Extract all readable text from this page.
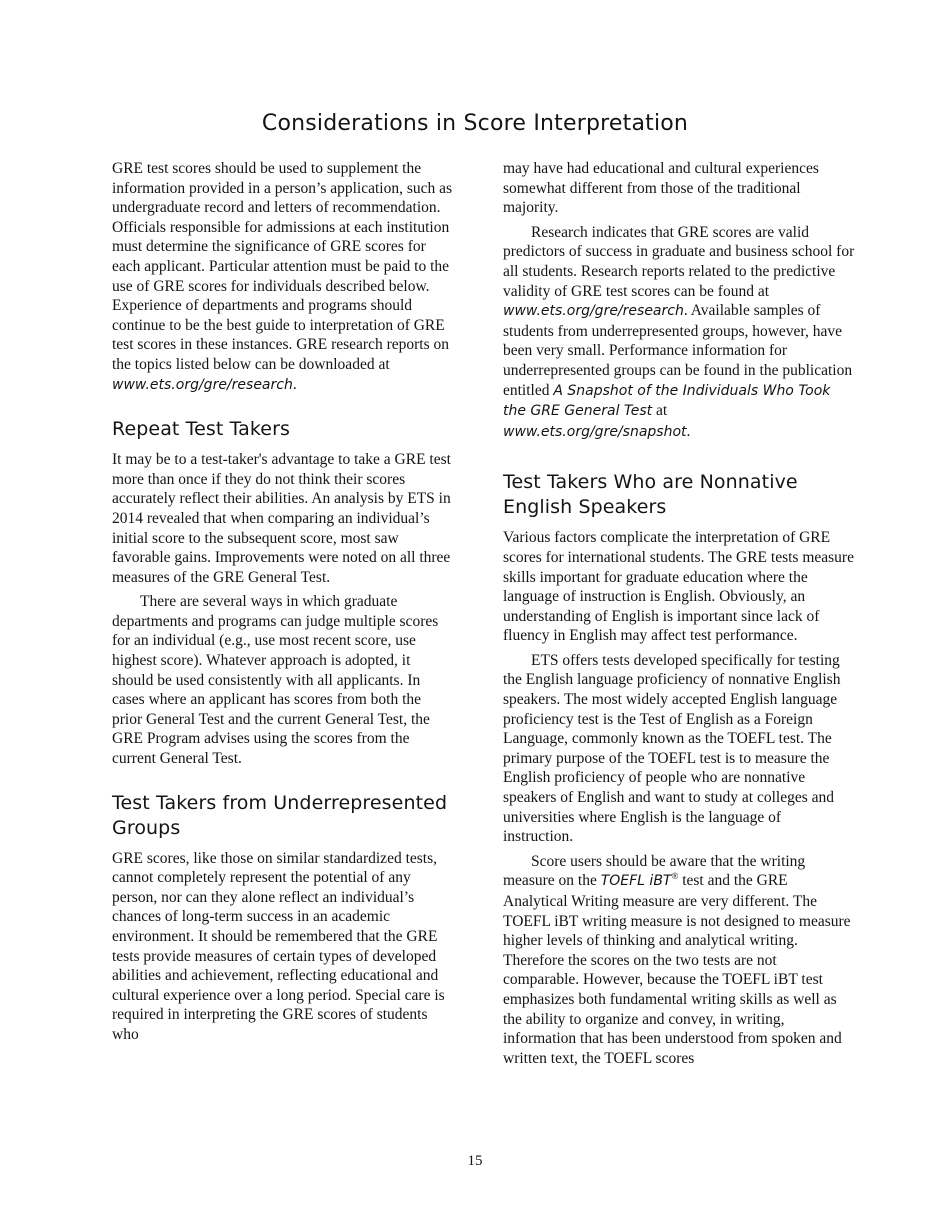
Considerations in Score Interpretation

GRE test scores should be used to supplement the information provided in a person’s application, such as undergraduate record and letters of recommendation. Officials responsible for admissions at each institution must determine the significance of GRE scores for each applicant. Particular attention must be paid to the use of GRE scores for individuals described below. Experience of departments and programs should continue to be the best guide to interpretation of GRE test scores in these instances. GRE research reports on the topics listed below can be downloaded at www.ets.org/gre/research.

Repeat Test Takers

It may be to a test-taker's advantage to take a GRE test more than once if they do not think their scores accurately reflect their abilities. An analysis by ETS in 2014 revealed that when comparing an individual’s initial score to the subsequent score, most saw favorable gains. Improvements were noted on all three measures of the GRE General Test.

There are several ways in which graduate departments and programs can judge multiple scores for an individual (e.g., use most recent score, use highest score). Whatever approach is adopted, it should be used consistently with all applicants. In cases where an applicant has scores from both the prior General Test and the current General Test, the GRE Program advises using the scores from the current General Test.

Test Takers from Underrepresented Groups

GRE scores, like those on similar standardized tests, cannot completely represent the potential of any person, nor can they alone reflect an individual’s chances of long-term success in an academic environment. It should be remembered that the GRE tests provide measures of certain types of developed abilities and achievement, reflecting educational and cultural experience over a long period. Special care is required in interpreting the GRE scores of students who

may have had educational and cultural experiences somewhat different from those of the traditional majority.

Research indicates that GRE scores are valid predictors of success in graduate and business school for all students. Research reports related to the predictive validity of GRE test scores can be found at www.ets.org/gre/research. Available samples of students from underrepresented groups, however, have been very small. Performance information for underrepresented groups can be found in the publication entitled A Snapshot of the Individuals Who Took the GRE General Test at www.ets.org/gre/snapshot.

Test Takers Who are Nonnative English Speakers

Various factors complicate the interpretation of GRE scores for international students. The GRE tests measure skills important for graduate education where the language of instruction is English. Obviously, an understanding of English is important since lack of fluency in English may affect test performance.

ETS offers tests developed specifically for testing the English language proficiency of nonnative English speakers. The most widely accepted English language proficiency test is the Test of English as a Foreign Language, commonly known as the TOEFL test. The primary purpose of the TOEFL test is to measure the English proficiency of people who are nonnative speakers of English and want to study at colleges and universities where English is the language of instruction.

Score users should be aware that the writing measure on the TOEFL iBT® test and the GRE Analytical Writing measure are very different. The TOEFL iBT writing measure is not designed to measure higher levels of thinking and analytical writing. Therefore the scores on the two tests are not comparable. However, because the TOEFL iBT test emphasizes both fundamental writing skills as well as the ability to organize and convey, in writing, information that has been understood from spoken and written text, the TOEFL scores

15
